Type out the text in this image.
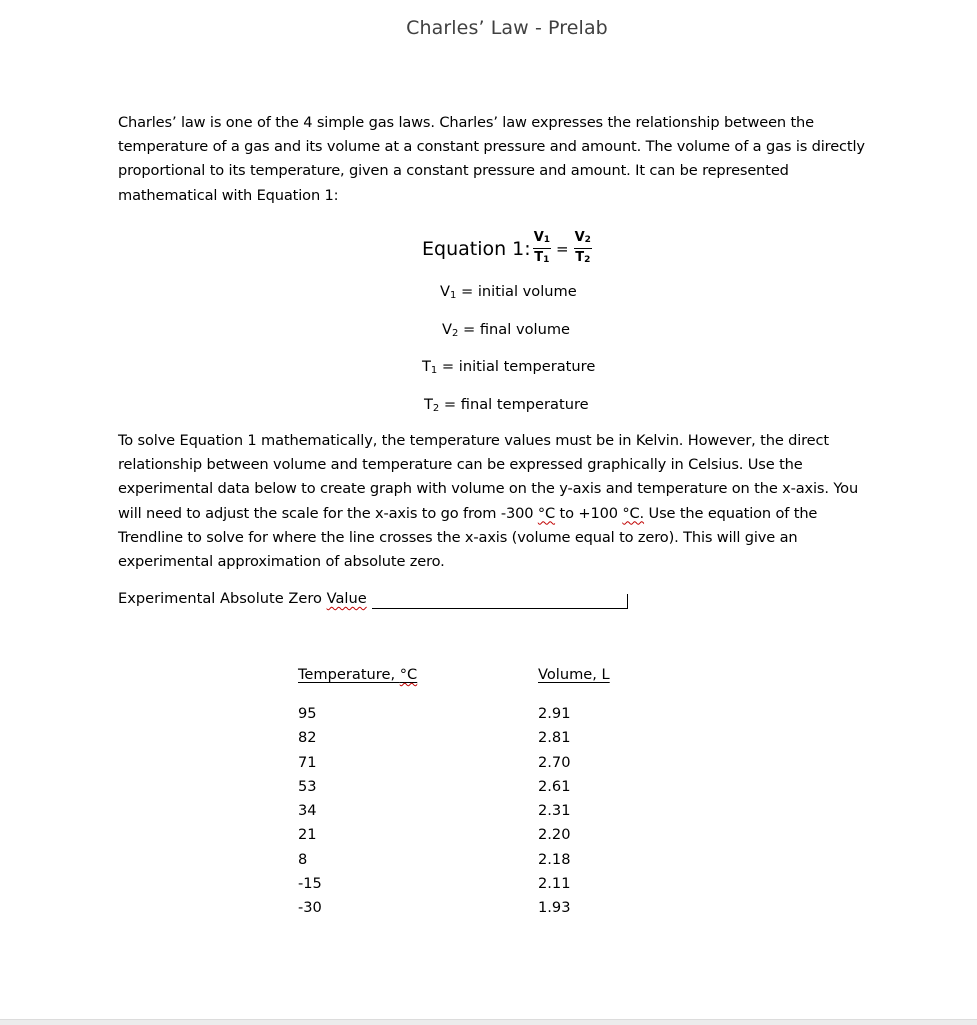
Charles’ Law - Prelab
Charles’ law is one of the 4 simple gas laws. Charles’ law expresses the relationship between the
temperature of a gas and its volume at a constant pressure and amount. The volume of a gas is directly
proportional to its temperature, given a constant pressure and amount. It can be represented
mathematical with Equation 1:
Equation 1: $\frac{V_1}{T_1} = \frac{V_2}{T_2}$
$V_1$ = initial volume
$V_2$ = final volume
$T_1$ = initial temperature
$T_2$ = final temperature
To solve Equation 1 mathematically, the temperature values must be in Kelvin. However, the direct
relationship between volume and temperature can be expressed graphically in Celsius. Use the
experimental data below to create graph with volume on the y-axis and temperature on the x-axis. You
will need to adjust the scale for the x-axis to go from -300 °C to +100 °C. Use the equation of the
Trendline to solve for where the line crosses the x-axis (volume equal to zero). This will give an
experimental approximation of absolute zero.
Experimental Absolute Zero Value
Temperature, °C	Volume, L
95	2.91
82	2.81
71	2.70
53	2.61
34	2.31
21	2.20
8	2.18
-15	2.11
-30	1.93
